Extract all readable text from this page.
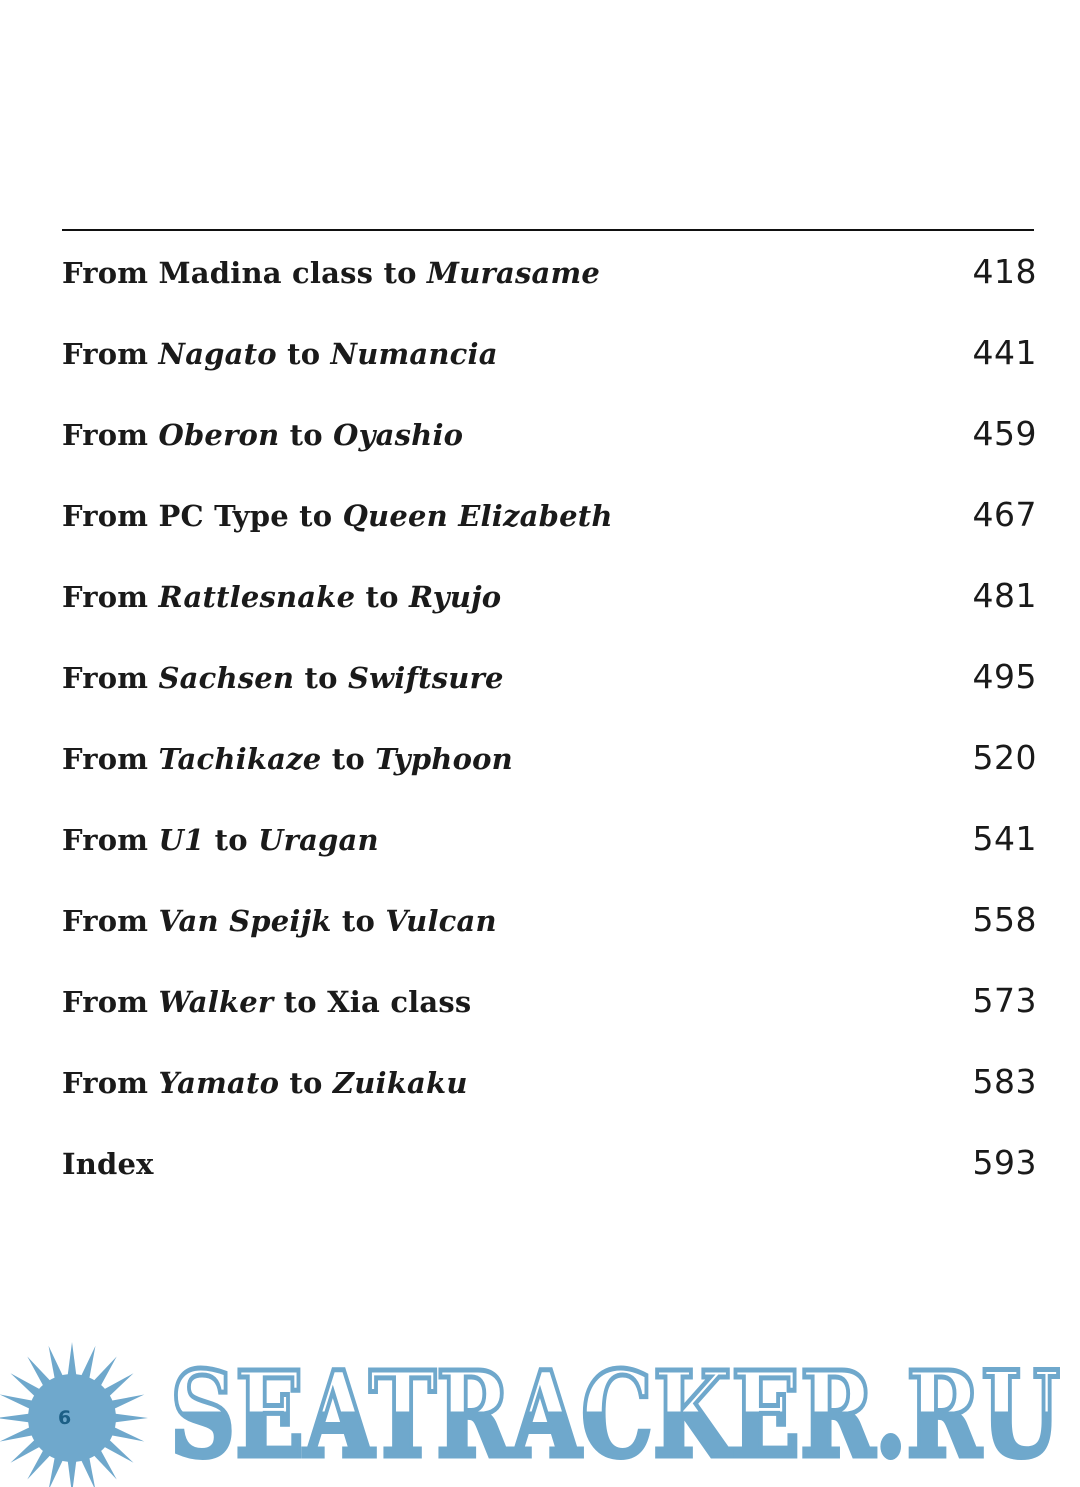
From Madina class to Murasame	418
From Nagato to Numancia	441
From Oberon to Oyashio	459
From PC Type to Queen Elizabeth	467
From Rattlesnake to Ryujo	481
From Sachsen to Swiftsure	495
From Tachikaze to Typhoon	520
From U1 to Uragan	541
From Van Speijk to Vulcan	558
From Walker to Xia class	573
From Yamato to Zuikaku	583
Index	593
6 SEATRACKER.RU
